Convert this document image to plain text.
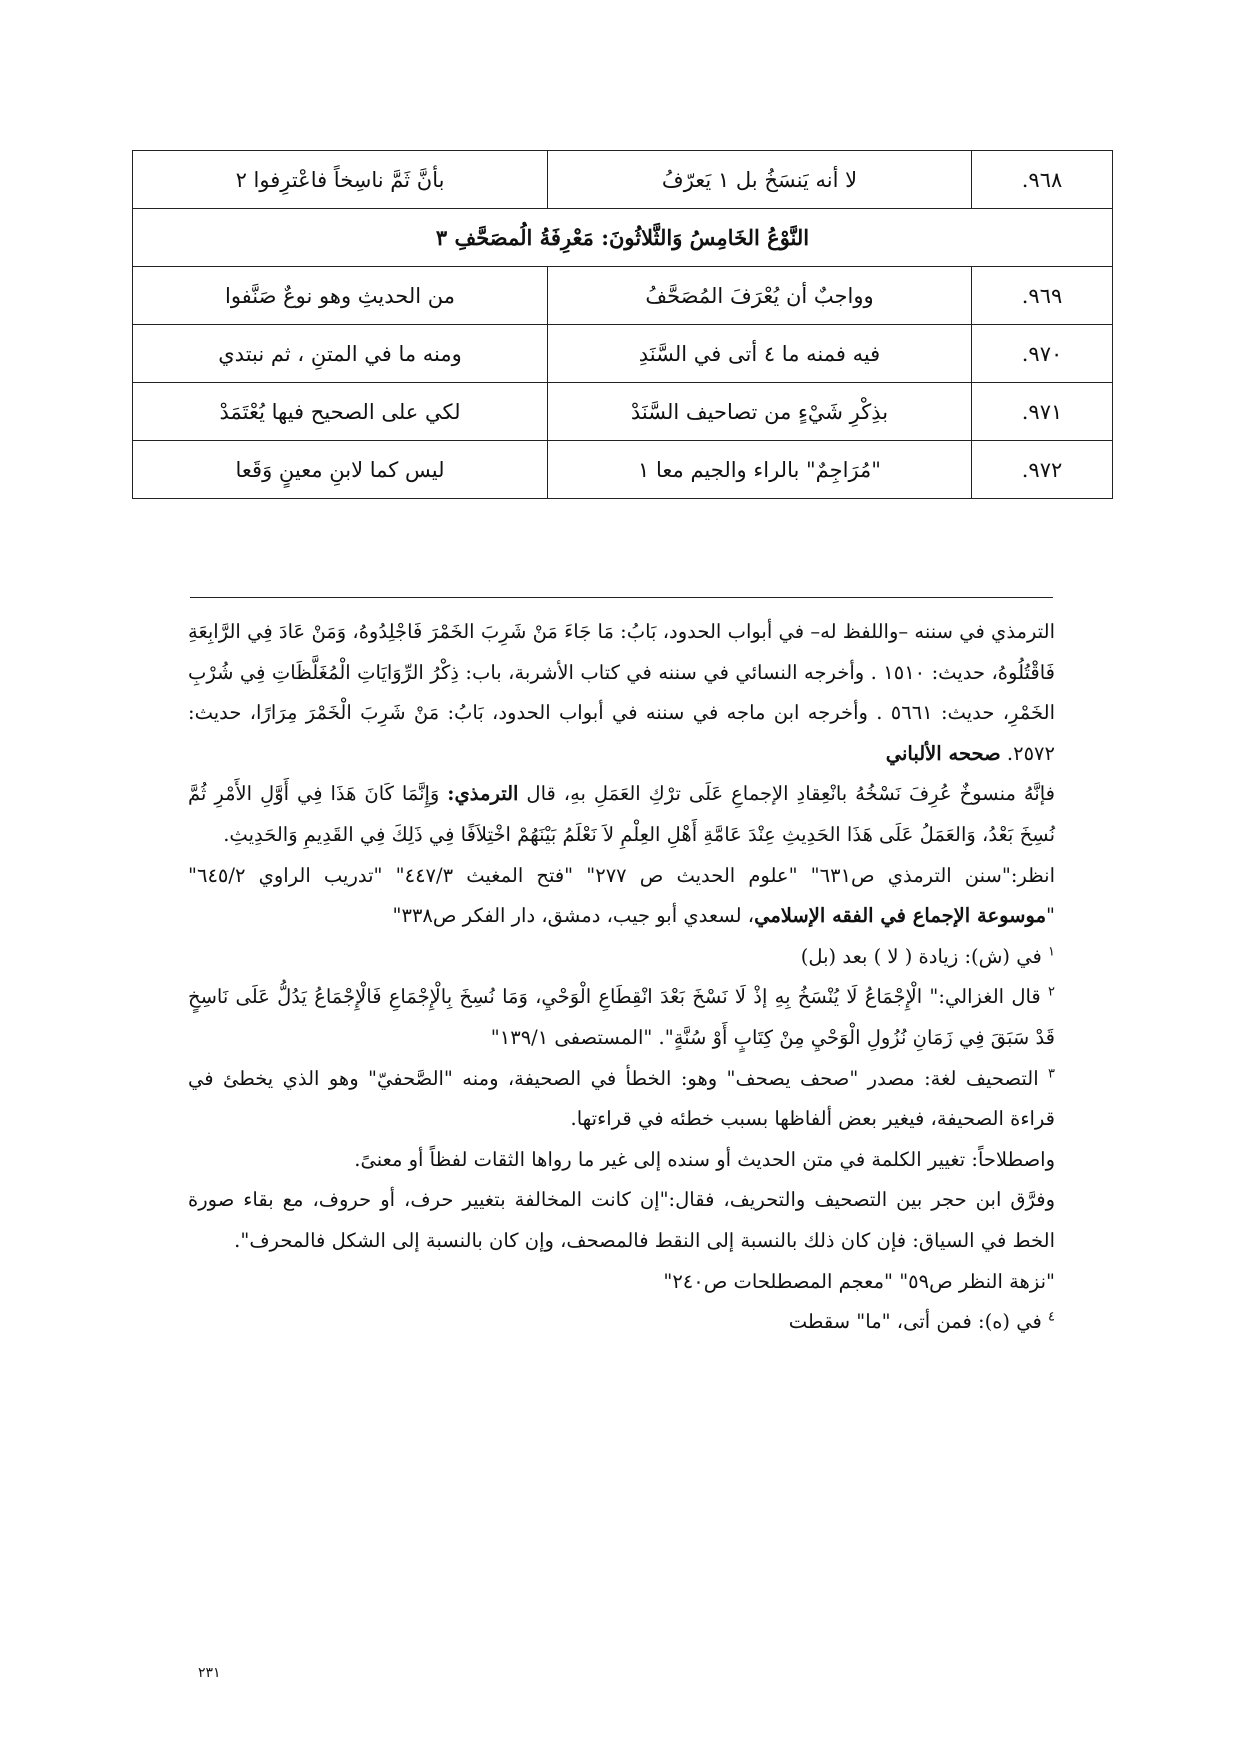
٩٦٨.	لا أنه يَنسَخُ بل ١ يَعرّفُ	بأنَّ ثَمَّ ناسِخاً فاعْترِفوا ٢
النَّوْعُ الخَامِسُ وَالثَّلاثُونَ: مَعْرِفَةُ الُمصَحَّفِ ٣		
٩٦٩.	وواجبٌ أن يُعْرَفَ المُصَحَّفُ	من الحديثِ وهو نوعٌ صَنَّفوا
٩٧٠.	فيه فمنه ما ٤ أتى في السَّنَدِ	ومنه ما في المتنِ ، ثم نبتدي
٩٧١.	بذِكْرِ شَيْءٍ من تصاحيف السَّنَدْ	لكي على الصحيح فيها يُعْتَمَدْ
٩٧٢.	"مُرَاجِمٌ" بالراء والجيم معا ١	ليس كما لابنِ معينٍ وَقَعا

الترمذي في سننه –واللفظ له– في أبواب الحدود، بَابُ: مَا جَاءَ مَنْ شَرِبَ الخَمْرَ فَاجْلِدُوهُ، وَمَنْ عَادَ فِي الرَّابِعَةِ فَاقْتُلُوهُ، حديث: ١٥١٠ . وأخرجه النسائي في سننه في كتاب الأشربة، باب: ذِكْرُ الرِّوَايَاتِ الْمُغَلَّظَاتِ فِي شُرْبِ الخَمْرِ، حديث: ٥٦٦١ . وأخرجه ابن ماجه في سننه في أبواب الحدود، بَابُ: مَنْ شَرِبَ الْخَمْرَ مِرَارًا، حديث: ٢٥٧٢. صححه الألباني

فإنَّهُ منسوخٌ عُرِفَ نَسْخُهُ بانْعِقادِ الإجماعِ عَلَى ترْكِ العَمَلِ بهِ، قال الترمذي: وَإِنَّمَا كَانَ هَذَا فِي أَوَّلِ الأَمْرِ ثُمَّ نُسِخَ بَعْدُ، وَالعَمَلُ عَلَى هَذَا الحَدِيثِ عِنْدَ عَامَّةِ أَهْلِ العِلْمِ لاَ نَعْلَمُ بَيْنَهُمْ اخْتِلاَفًا فِي ذَلِكَ فِي القَدِيمِ وَالحَدِيثِ.

انظر:"سنن الترمذي ص٦٣١" "علوم الحديث ص ٢٧٧" "فتح المغيث ٤٤٧/٣" "تدريب الراوي ٦٤٥/٢" "موسوعة الإجماع في الفقه الإسلامي، لسعدي أبو جيب، دمشق، دار الفكر ص٣٣٨"

$^١$ في (ش): زيادة ( لا ) بعد (بل)

$^٢$ قال الغزالي:" الْإِجْمَاعُ لَا يُنْسَخُ بِهِ إذْ لَا نَسْخَ بَعْدَ انْقِطَاعِ الْوَحْيِ، وَمَا نُسِخَ بِالْإِجْمَاعِ فَالْإِجْمَاعُ يَدُلُّ عَلَى نَاسِخٍ قَدْ سَبَقَ فِي زَمَانِ نُزُولِ الْوَحْيِ مِنْ كِتَابٍ أَوْ سُنَّةٍ". "المستصفى ١٣٩/١"

$^٣$ التصحيف لغة: مصدر "صحف يصحف" وهو: الخطأ في الصحيفة، ومنه "الصَّحفيّ" وهو الذي يخطئ في قراءة الصحيفة، فيغير بعض ألفاظها بسبب خطئه في قراءتها.

واصطلاحاً: تغيير الكلمة في متن الحديث أو سنده إلى غير ما رواها الثقات لفظاً أو معنىً.

وفرَّق ابن حجر بين التصحيف والتحريف، فقال:"إن كانت المخالفة بتغيير حرف، أو حروف، مع بقاء صورة الخط في السياق: فإن كان ذلك بالنسبة إلى النقط فالمصحف، وإن كان بالنسبة إلى الشكل فالمحرف".

"نزهة النظر ص٥٩" "معجم المصطلحات ص٢٤٠"

$^٤$ في (ه): فمن أتى، "ما" سقطت

٢٣١
